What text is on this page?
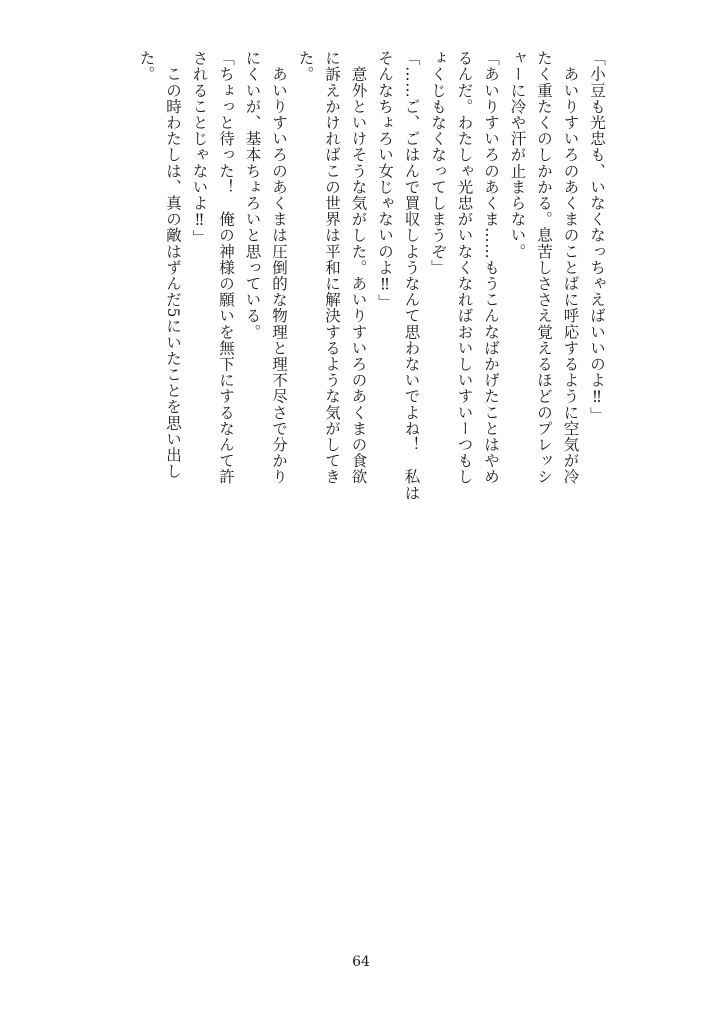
「小豆も光忠も、いなくなっちゃえばいいのよ‼」

　あいりすいろのあくまのことばに呼応するように空気が冷
たく重たくのしかかる。息苦しささえ覚えるほどのプレッシ
ャーに冷や汗が止まらない。

「あいりすいろのあくま……もうこんなばかげたことはやめ
るんだ。わたしゃ光忠がいなくなればおいしいすいーつもし
ょくじもなくなってしまうぞ」

「……ご、ごはんで買収しようなんて思わないでよね！　私は
そんなちょろい女じゃないのよ‼」

　意外といけそうな気がした。あいりすいろのあくまの食欲
に訴えかければこの世界は平和に解決するような気がしてき
た。

　あいりすいろのあくまは圧倒的な物理と理不尽さで分かり
にくいが、基本ちょろいと思っている。

「ちょっと待った！　俺の神様の願いを無下にするなんて許
されることじゃないよ‼」

　この時わたしは、真の敵はずんだ5にいたことを思い出し
た。

64
